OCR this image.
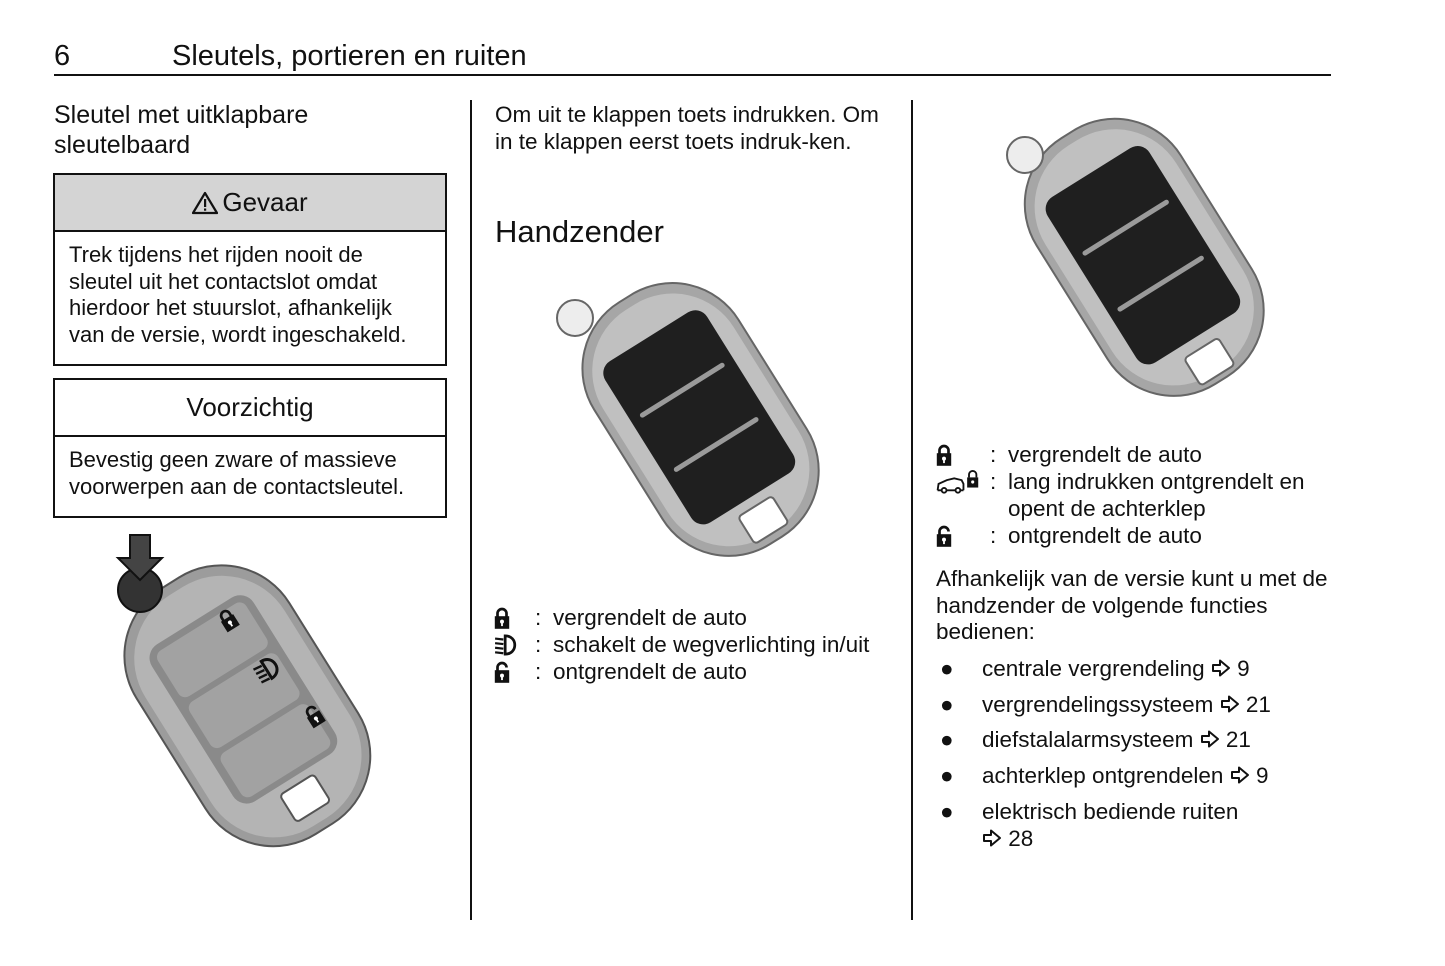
6	Sleutels, portieren en ruiten
Sleutel met uitklapbare sleutelbaard
Gevaar
Trek tijdens het rijden nooit de sleutel uit het contactslot omdat hierdoor het stuurslot, afhankelijk van de versie, wordt ingeschakeld.
Voorzichtig
Bevestig geen zware of massieve voorwerpen aan de contactsleutel.
Om uit te klappen toets indrukken. Om in te klappen eerst toets indruk-ken.
Handzender
: vergrendelt de auto
: schakelt de wegverlichting in/uit
: ontgrendelt de auto
: vergrendelt de auto
: lang indrukken ontgrendelt en opent de achterklep
: ontgrendelt de auto
Afhankelijk van de versie kunt u met de handzender de volgende functies bedienen:
● centrale vergrendeling 9
● vergrendelingssysteem 21
● diefstalalarmsysteem 21
● achterklep ontgrendelen 9
● elektrisch bediende ruiten
28
